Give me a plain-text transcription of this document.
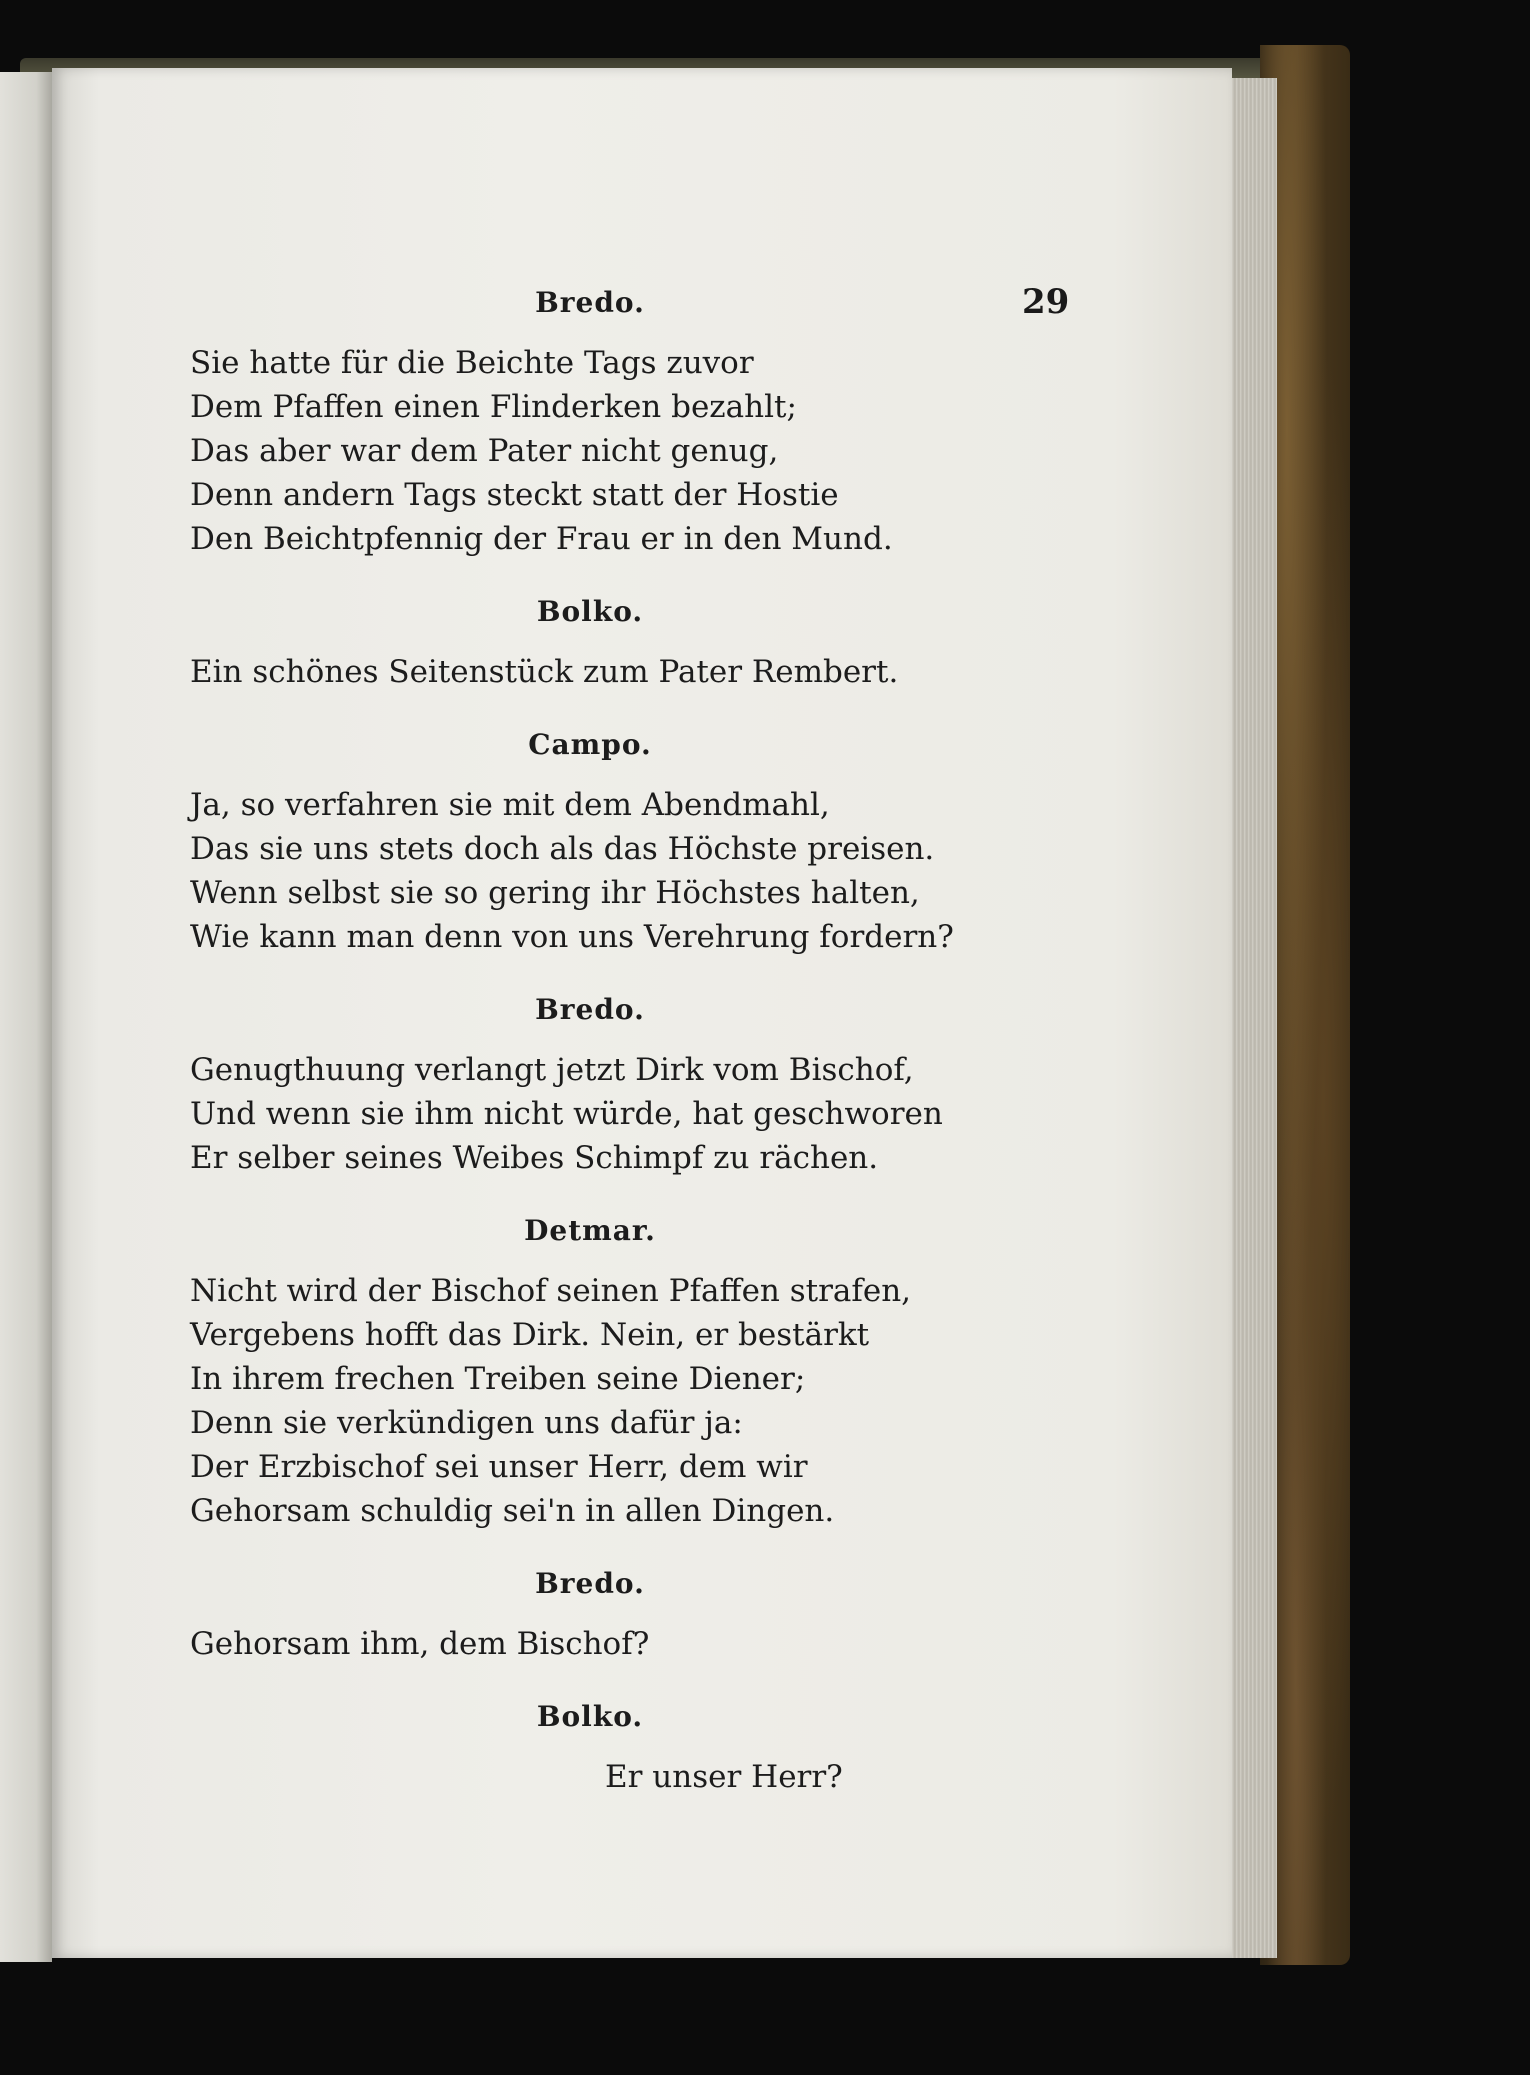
29
Bredo.
Sie hatte für die Beichte Tags zuvor
Dem Pfaffen einen Flinderken bezahlt;
Das aber war dem Pater nicht genug,
Denn andern Tags steckt statt der Hostie
Den Beichtpfennig der Frau er in den Mund.
Bolko.
Ein schönes Seitenstück zum Pater Rembert.
Campo.
Ja, so verfahren sie mit dem Abendmahl,
Das sie uns stets doch als das Höchste preisen.
Wenn selbst sie so gering ihr Höchstes halten,
Wie kann man denn von uns Verehrung fordern?
Bredo.
Genugthuung verlangt jetzt Dirk vom Bischof,
Und wenn sie ihm nicht würde, hat geschworen
Er selber seines Weibes Schimpf zu rächen.
Detmar.
Nicht wird der Bischof seinen Pfaffen strafen,
Vergebens hofft das Dirk. Nein, er bestärkt
In ihrem frechen Treiben seine Diener;
Denn sie verkündigen uns dafür ja:
Der Erzbischof sei unser Herr, dem wir
Gehorsam schuldig sei'n in allen Dingen.
Bredo.
Gehorsam ihm, dem Bischof?
Bolko.
Er unser Herr?
